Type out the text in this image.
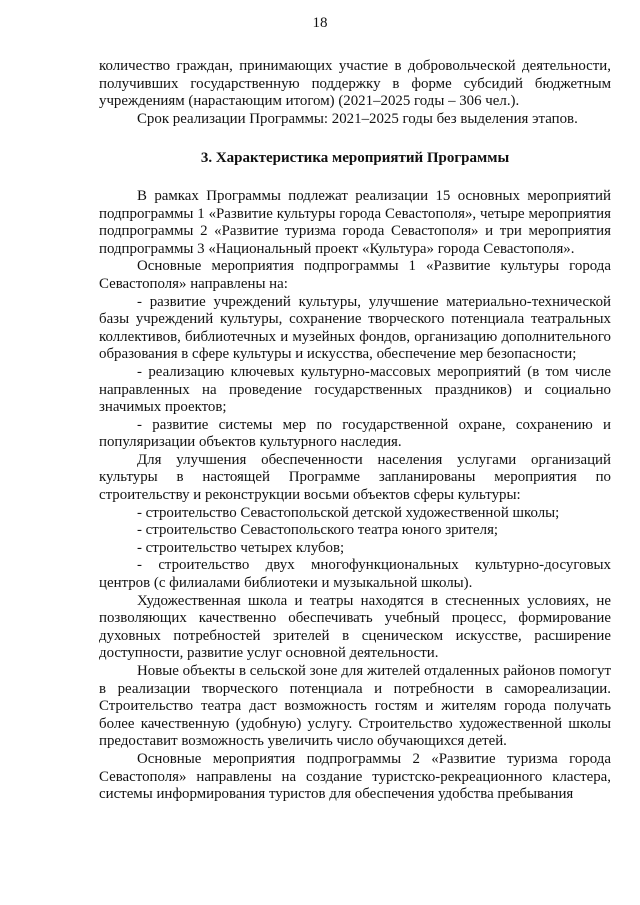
18

количество граждан, принимающих участие в добровольческой деятельности, получивших государственную поддержку в форме субсидий бюджетным учреждениям (нарастающим итогом) (2021–2025 годы – 306 чел.).

Срок реализации Программы: 2021–2025 годы без выделения этапов.

3. Характеристика мероприятий Программы

В рамках Программы подлежат реализации 15 основных мероприятий подпрограммы 1 «Развитие культуры города Севастополя», четыре мероприятия подпрограммы 2 «Развитие туризма города Севастополя» и три мероприятия подпрограммы 3 «Национальный проект «Культура» города Севастополя».

Основные мероприятия подпрограммы 1 «Развитие культуры города Севастополя» направлены на:

- развитие учреждений культуры, улучшение материально-технической базы учреждений культуры, сохранение творческого потенциала театральных коллективов, библиотечных и музейных фондов, организацию дополнительного образования в сфере культуры и искусства, обеспечение мер безопасности;

- реализацию ключевых культурно-массовых мероприятий (в том числе направленных на проведение государственных праздников) и социально значимых проектов;

- развитие системы мер по государственной охране, сохранению и популяризации объектов культурного наследия.

Для улучшения обеспеченности населения услугами организаций культуры в настоящей Программе запланированы мероприятия по строительству и реконструкции восьми объектов сферы культуры:

- строительство Севастопольской детской художественной школы;

- строительство Севастопольского театра юного зрителя;

- строительство четырех клубов;

- строительство двух многофункциональных культурно-досуговых центров (с филиалами библиотеки и музыкальной школы).

Художественная школа и театры находятся в стесненных условиях, не позволяющих качественно обеспечивать учебный процесс, формирование духовных потребностей зрителей в сценическом искусстве, расширение доступности, развитие услуг основной деятельности.

Новые объекты в сельской зоне для жителей отдаленных районов помогут в реализации творческого потенциала и потребности в самореализации. Строительство театра даст возможность гостям и жителям города получать более качественную (удобную) услугу. Строительство художественной школы предоставит возможность увеличить число обучающихся детей.

Основные мероприятия подпрограммы 2 «Развитие туризма города Севастополя» направлены на создание туристско-рекреационного кластера, системы информирования туристов для обеспечения удобства пребывания
